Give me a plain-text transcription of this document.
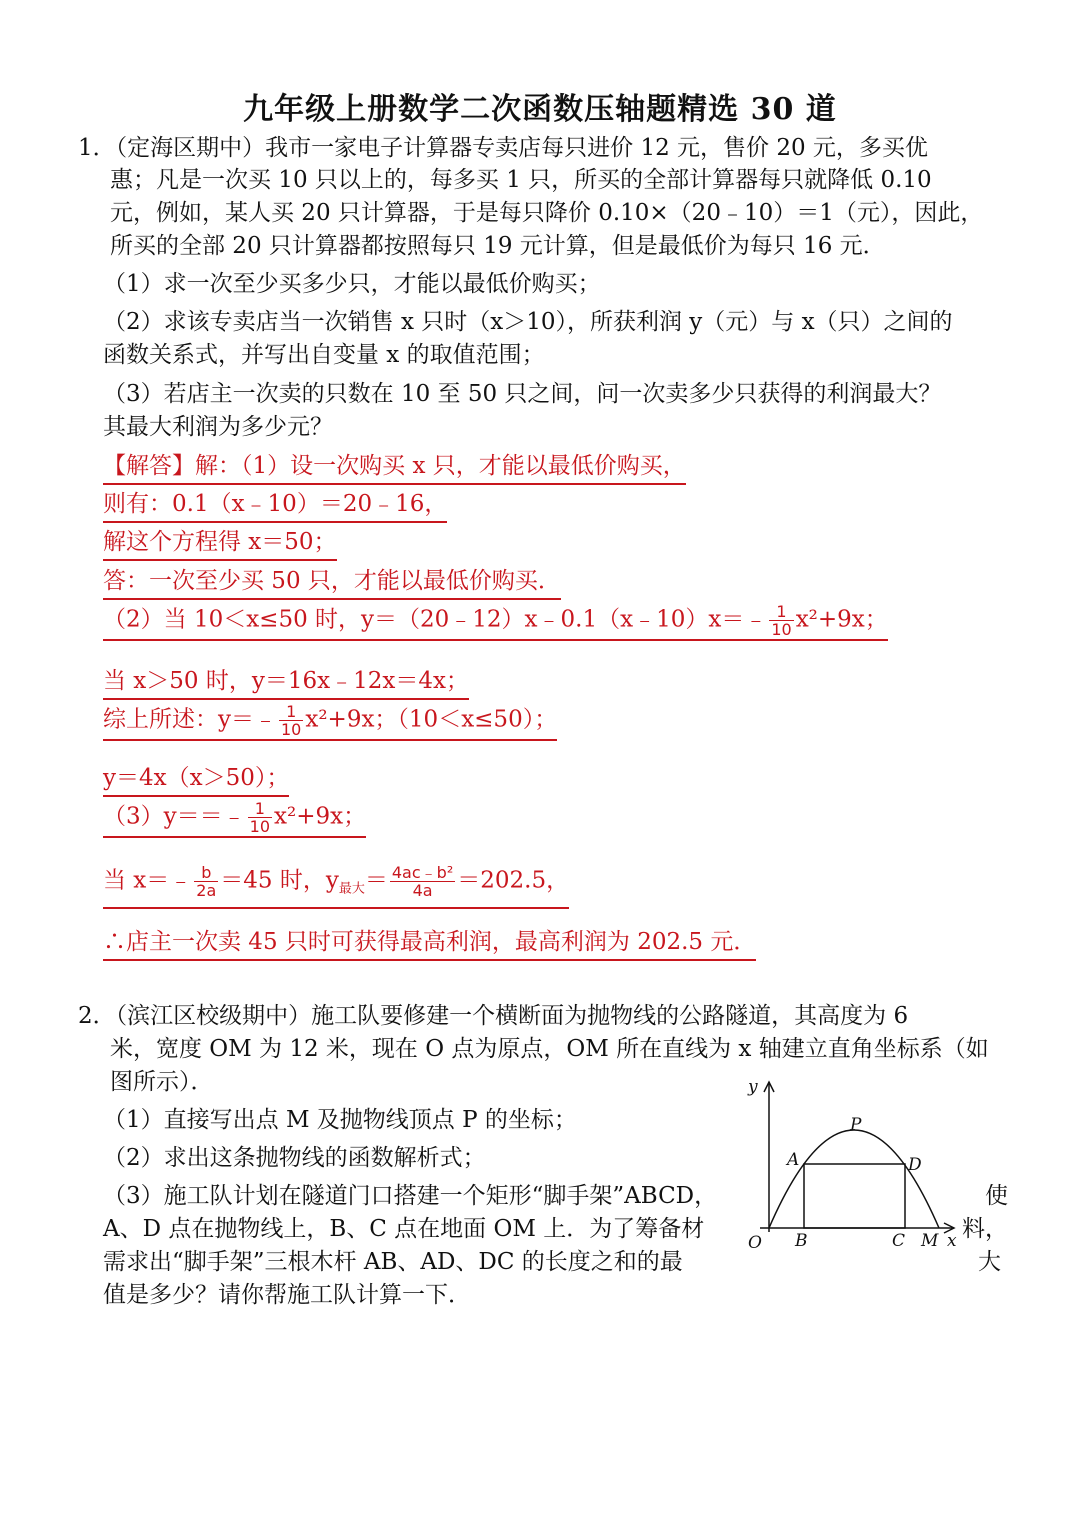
九年级上册数学二次函数压轴题精选 30 道
1．（定海区期中）我市一家电子计算器专卖店每只进价 12 元，售价 20 元，多买优
惠；凡是一次买 10 只以上的，每多买 1 只，所买的全部计算器每只就降低 0.10
元，例如，某人买 20 只计算器，于是每只降价 0.10×（20﹣10）＝1（元），因此，
所买的全部 20 只计算器都按照每只 19 元计算，但是最低价为每只 16 元．
（1）求一次至少买多少只，才能以最低价购买；
（2）求该专卖店当一次销售 x 只时（x＞10），所获利润 y（元）与 x（只）之间的
函数关系式，并写出自变量 x 的取值范围；
（3）若店主一次卖的只数在 10 至 50 只之间，问一次卖多少只获得的利润最大？
其最大利润为多少元？
【解答】解：（1）设一次购买 x 只，才能以最低价购买，
则有：0.1（x﹣10）＝20﹣16，
解这个方程得 x＝50；
答：一次至少买 50 只，才能以最低价购买．
（2）当 10＜x≤50 时，y＝（20﹣12）x﹣0.1（x﹣10）x＝﹣ $\frac{1}{10} x^2+9x$；
当 x＞50 时，y＝16x﹣12x＝4x；
综上所述：y＝﹣ $\frac{1}{10} x^2+9x$；（10＜x≤50）；
y＝4x（x＞50）；
（3）y＝＝﹣ $\frac{1}{10} x^2+9x$；
当 x＝﹣ $\frac{b}{2a} =45$ 时，$y_{最大}= \frac{\text{4ac﹣b²}}{4a} =202.5$，
∴店主一次卖 45 只时可获得最高利润，最高利润为 202.5 元．
2．（滨江区校级期中）施工队要修建一个横断面为抛物线的公路隧道，其高度为 6
米，宽度 OM 为 12 米，现在 O 点为原点，OM 所在直线为 x 轴建立直角坐标系（如
图所示）．
（1）直接写出点 M 及抛物线顶点 P 的坐标；
（2）求出这条抛物线的函数解析式；
（3）施工队计划在隧道门口搭建一个矩形“脚手架”ABCD，	使
A、D 点在抛物线上，B、C 点在地面 OM 上．为了筹备材	料，
需求出“脚手架”三根木杆 AB、AD、DC 的长度之和的最	大
值是多少？请你帮施工队计算一下．
y
x
O
P
A	D
B	C M
